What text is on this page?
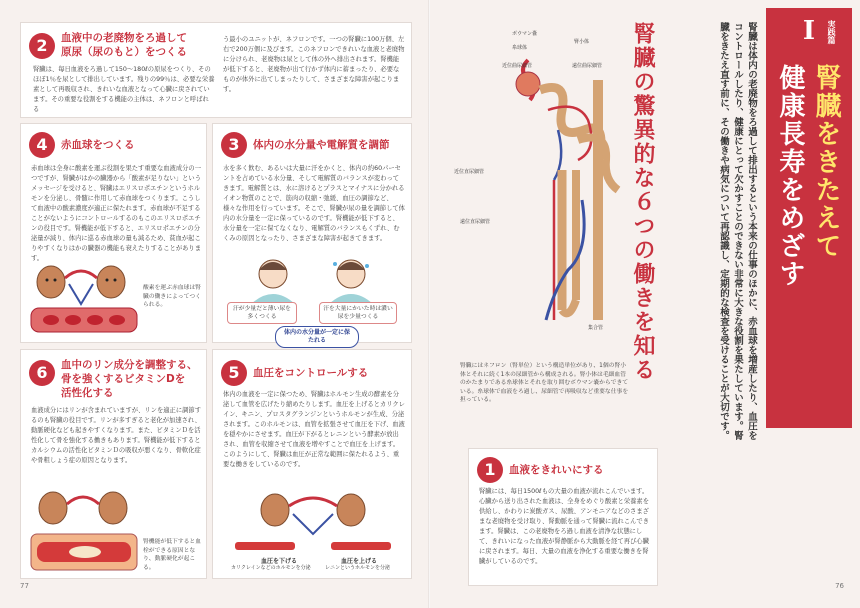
2	血液中の老廃物をろ過して
原尿（尿のもと）をつくる
腎臓は、毎日血液をろ過して150〜180ℓの原尿をつくり、そのほぼ1％を尿として排出しています。残りの99％は、必要な栄養素として再吸収され、きれいな血液となって心臓に戻されています。その重要な役割をする機能の主体は、ネフロンと呼ばれる
う最小のユニットが、ネフロンです。一つの腎臓に100万個、左右で200万個に及びます。このネフロンできれいな血液と老廃物に分けられ、老廃物は尿として体の外へ排出されます。腎機能が低下すると、老廃物が出て行かず体内に蓄まったり、必要なものが体外に出てしまったりして、さまざまな障害が起こります。
4	赤血球をつくる
赤血球は全身に酸素を運ぶ役割を果たす重要な血液成分の一つですが、腎臓がはかの臓器から「酸素が足りない」というメッセージを受けると、腎臓はエリスロポエチンというホルモンを分泌し、骨髄に作用して赤血球をつくります。こうして血液中の酸素濃度が適正に保たれます。赤血球が不足することがないようにコントロールするのもこのエリスロポエチンの役目です。腎機能が低下すると、エリスロポエチンの分泌量が減り、体内に巡る赤血球の量も減るため、貧血が起こりやすくなりはかの臓器の機能も衰えたりすることがあります。
酸素を運ぶ赤血球は腎臓の働きによってつくられる。
3	体内の水分量や電解質を調節
水を多く飲む、あるいは大量に汗をかくと、体内の約60パーセントを占めている水分量、そして電解質のバランスが変わってきます。電解質とは、水に溶けるとプラスとマイナスに分かれるイオン物質のことで、筋肉の収縮・弛緩、血圧の調節など、様々な作用を行っています。そこで、腎臓が尿の量を調節して体内の水分量を一定に保っているのです。腎機能が低下すると、水分量を一定に保てなくなり、電解質のバランスもくずれ、むくみの原因となったり、さまざまな障害が起きてきます。
汗が少量だと薄い尿を多くつくる
汗を大量にかいた時は濃い尿を少量つくる
体内の水分量が一定に保たれる
6	血中のリン成分を調整する、
骨を強くするビタミンDを
活性化する
血液成分にはリンが含まれていますが、リンを適正に調節するのも腎臓の役目です。リンが多すぎると老化が加速され、動脈硬化なども起きやすくなります。また、ビタミンＤを活性化して骨を強化する働きもあります。腎機能が低下するとカルシウムの活性化ビタミンＤの吸収が悪くなり、骨軟化症や骨粗しょう症の原因となります。
腎機能が低下すると血栓ができる原因となり、動脈硬化が起こる。
5	血圧をコントロールする
体内の血液を一定に保つため、腎臓はホルモン生成の酵素を分泌して血管を広げたり縮めたりします。血圧を上げるとカリクレイン、キニン、プロスタグランジンというホルモンが生成、分泌されます。このホルモンは、血管を拡張させて血圧を下げ、血液を穏やかにさせます。血圧が下がるとレニンという酵素が放出され、血管を収縮させて血液を増やすことで血圧を上げます。このようにして、腎臓は血圧が正常な範囲に保たれるよう、重要な働きをしているのです。
血圧を下げる
カリクレインなどのホルモンを分泌
血圧を上げる
レニンというホルモンを分泌
77
ボウマン嚢
糸球体
腎小体
近位曲尿細管	遠位曲尿細管
近位直尿細管
遠位直尿細管
集合管
腎臓にはネフロン（腎単位）という構造単位があり、1個の腎小体とそれに続く1本の尿細管から構成される。腎小体は毛細血管のかたまりである糸球体とそれを取り囲むボウマン嚢からできている。糸球体で血液をろ過し、尿細管で再吸収など重要な仕事を担っている。
腎臓の驚異的な６つの働きを知る
1	血液をきれいにする
腎臓には、毎日1500ℓもの大量の血液が流れこんでいます。心臓から送り出された血液は、全身をめぐり酸素と栄養素を供給し、かわりに炭酸ガス、尿酸、アンモニアなどのさまざまな老廃物を受け取り、腎動脈を通って腎臓に流れこんできます。腎臓は、この老廃物をろ過し血液を清浄な状態にして、きれいになった血液が腎静脈から大動脈を経て再び心臓に戻されます。毎日、大量の血液を浄化する重要な働きを腎臓がしているのです。
腎臓は体内の老廃物をろ過して排出するという本来の仕事のほかに、赤血球を増産したり、血圧をコントロールしたり、健康にとって欠かすことのできない非常に大きな役割を果たしています。腎臓をきたえ直す前に、その働きや病気について再認識し、定期的な検査を受けることが大切です。	I	実践篇
腎臓をきたえて
健康長寿をめざす
76
